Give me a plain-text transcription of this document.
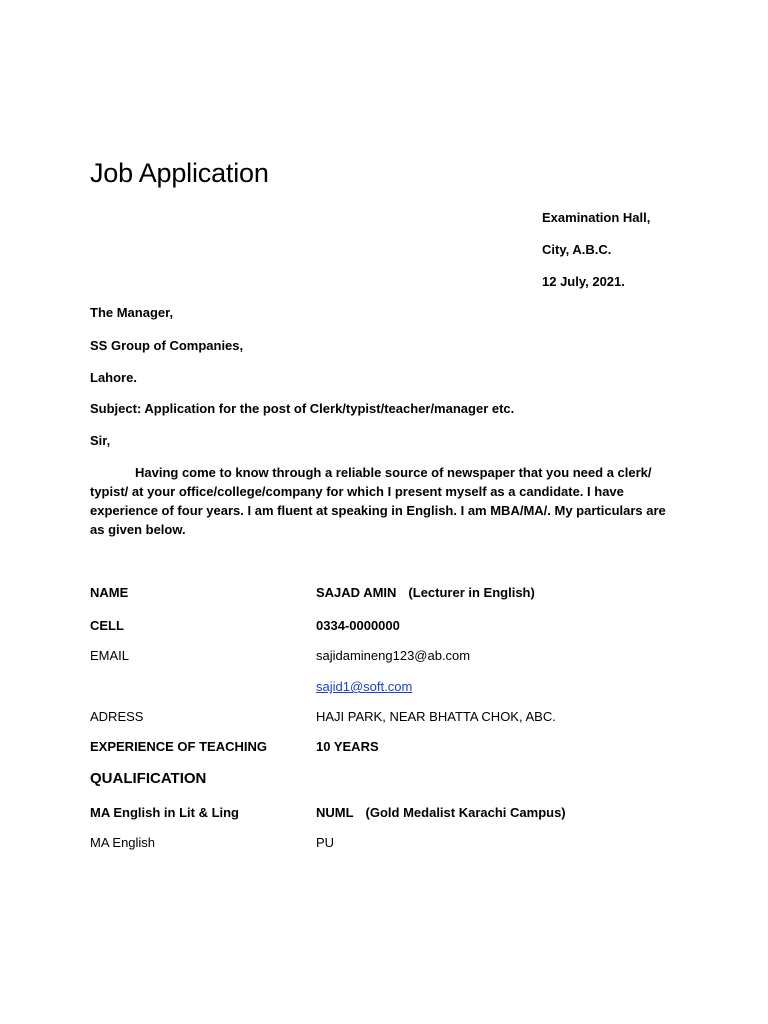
Job Application
Examination Hall,
City, A.B.C.
12 July, 2021.
The Manager,
SS Group of Companies,
Lahore.
Subject: Application for the post of Clerk/typist/teacher/manager etc.
Sir,
Having come to know through a reliable source of newspaper that you need a clerk/ typist/ at your office/college/company for which I present myself as a candidate. I have experience of four years. I am fluent at speaking in English. I am MBA/MA/. My particulars are as given below.
NAME	SAJAD AMIN (Lecturer in English)
CELL	0334-0000000
EMAIL	sajidamineng123@ab.com
sajid1@soft.com
ADRESS	HAJI PARK, NEAR BHATTA CHOK, ABC.
EXPERIENCE OF TEACHING	10 YEARS
QUALIFICATION
MA English in Lit & Ling	NUML (Gold Medalist Karachi Campus)
MA English	PU
